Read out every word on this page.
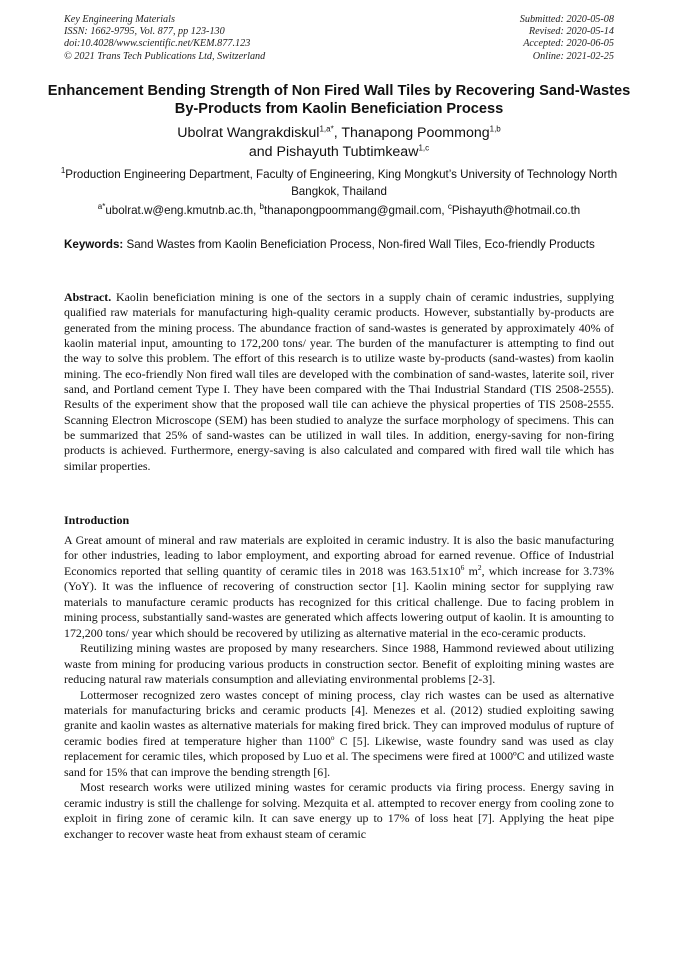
Key Engineering Materials
ISSN: 1662-9795, Vol. 877, pp 123-130
doi:10.4028/www.scientific.net/KEM.877.123
© 2021 Trans Tech Publications Ltd, Switzerland
Submitted: 2020-05-08
Revised: 2020-05-14
Accepted: 2020-06-05
Online: 2021-02-25
Enhancement Bending Strength of Non Fired Wall Tiles by Recovering Sand-Wastes By-Products from Kaolin Beneficiation Process
Ubolrat Wangrakdiskul$^{1,a*}$, Thanapong Poommong$^{1,b}$
and Pishayuth Tubtimkeaw$^{1,c}$
$^1$Production Engineering Department, Faculty of Engineering, King Mongkut’s University of Technology North Bangkok, Thailand
$^{a*}$ubolrat.w@eng.kmutnb.ac.th, $^b$thanapongpoommang@gmail.com, $^c$Pishayuth@hotmail.co.th
Keywords: Sand Wastes from Kaolin Beneficiation Process, Non-fired Wall Tiles, Eco-friendly Products
Abstract. Kaolin beneficiation mining is one of the sectors in a supply chain of ceramic industries, supplying qualified raw materials for manufacturing high-quality ceramic products. However, substantially by-products are generated from the mining process. The abundance fraction of sand-wastes is generated by approximately 40% of kaolin material input, amounting to 172,200 tons/ year. The burden of the manufacturer is attempting to find out the way to solve this problem. The effort of this research is to utilize waste by-products (sand-wastes) from kaolin mining. The eco-friendly Non fired wall tiles are developed with the combination of sand-wastes, laterite soil, river sand, and Portland cement Type I. They have been compared with the Thai Industrial Standard (TIS 2508-2555). Results of the experiment show that the proposed wall tile can achieve the physical properties of TIS 2508-2555. Scanning Electron Microscope (SEM) has been studied to analyze the surface morphology of specimens. This can be summarized that 25% of sand-wastes can be utilized in wall tiles. In addition, energy-saving for non-firing products is achieved. Furthermore, energy-saving is also calculated and compared with fired wall tile which has similar properties.
Introduction

A Great amount of mineral and raw materials are exploited in ceramic industry. It is also the basic manufacturing for other industries, leading to labor employment, and exporting abroad for earned revenue. Office of Industrial Economics reported that selling quantity of ceramic tiles in 2018 was $163.51x10^6$ $m^2$, which increase for 3.73% (YoY). It was the influence of recovering of construction sector [1]. Kaolin mining sector for supplying raw materials to manufacture ceramic products has recognized for this critical challenge. Due to facing problem in mining process, substantially sand-wastes are generated which affects lowering output of kaolin. It is amounting to 172,200 tons/ year which should be recovered by utilizing as alternative material in the eco-ceramic products.

Reutilizing mining wastes are proposed by many researchers. Since 1988, Hammond reviewed about utilizing waste from mining for producing various products in construction sector. Benefit of exploiting mining wastes are reducing natural raw materials consumption and alleviating environmental problems [2-3].

Lottermoser recognized zero wastes concept of mining process, clay rich wastes can be used as alternative materials for manufacturing bricks and ceramic products [4]. Menezes et al. (2012) studied exploiting sawing granite and kaolin wastes as alternative materials for making fired brick. They can improved modulus of rupture of ceramic bodies fired at temperature higher than 1100$^o$ C [5]. Likewise, waste foundry sand was used as clay replacement for ceramic tiles, which proposed by Luo et al. The specimens were fired at 1000ºC and utilized waste sand for 15% that can improve the bending strength [6].

Most research works were utilized mining wastes for ceramic products via firing process. Energy saving in ceramic industry is still the challenge for solving. Mezquita et al. attempted to recover energy from cooling zone to exploit in firing zone of ceramic kiln. It can save energy up to 17% of loss heat [7]. Applying the heat pipe exchanger to recover waste heat from exhaust steam of ceramic
